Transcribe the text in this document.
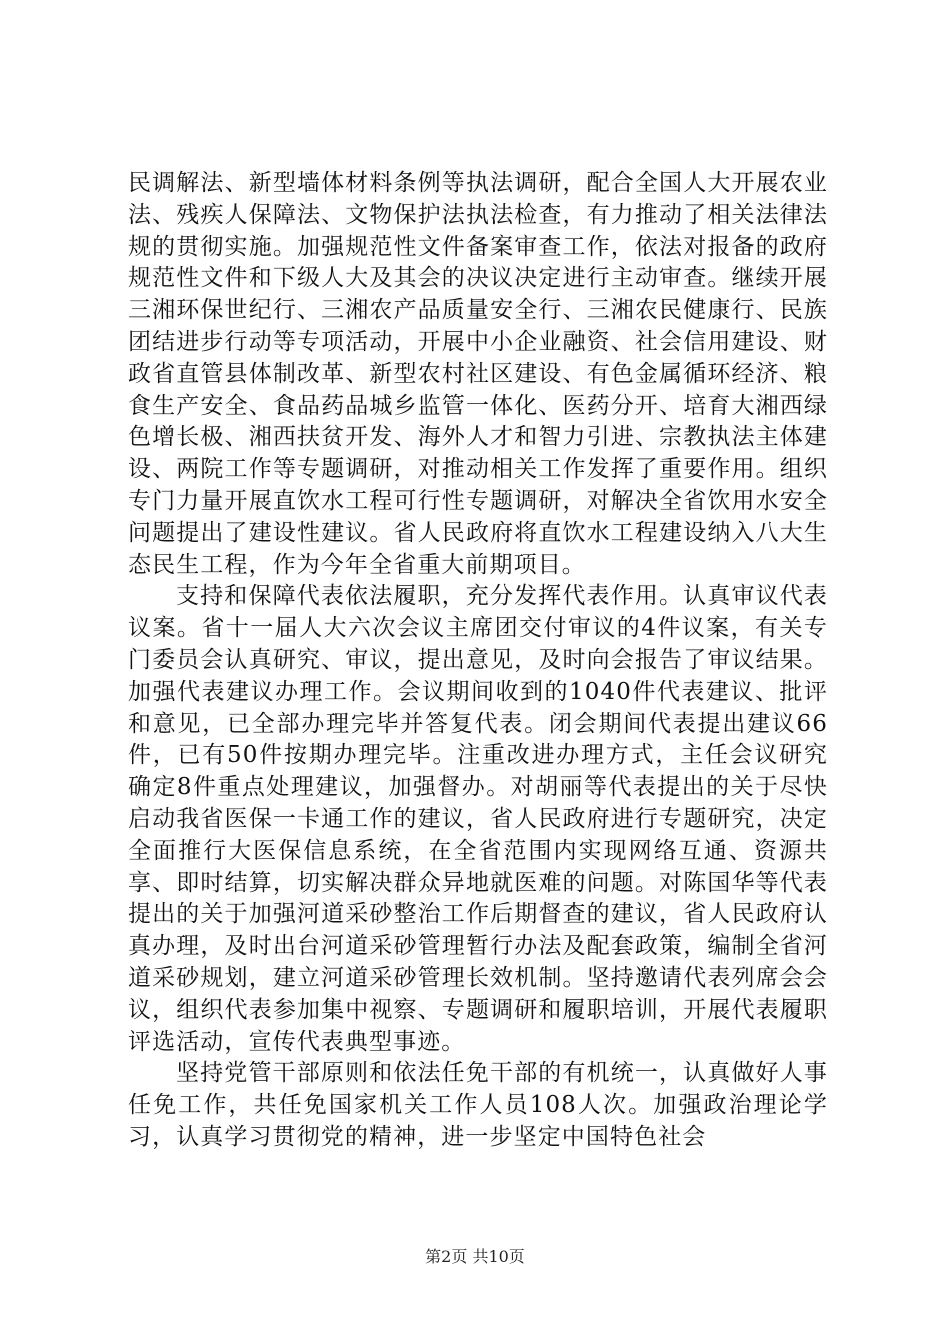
民调解法、新型墙体材料条例等执法调研，配合全国人大开展农业法、残疾人保障法、文物保护法执法检查，有力推动了相关法律法规的贯彻实施。加强规范性文件备案审查工作，依法对报备的政府规范性文件和下级人大及其会的决议决定进行主动审查。继续开展三湘环保世纪行、三湘农产品质量安全行、三湘农民健康行、民族团结进步行动等专项活动，开展中小企业融资、社会信用建设、财政省直管县体制改革、新型农村社区建设、有色金属循环经济、粮食生产安全、食品药品城乡监管一体化、医药分开、培育大湘西绿色增长极、湘西扶贫开发、海外人才和智力引进、宗教执法主体建设、两院工作等专题调研，对推动相关工作发挥了重要作用。组织专门力量开展直饮水工程可行性专题调研，对解决全省饮用水安全问题提出了建设性建议。省人民政府将直饮水工程建设纳入八大生态民生工程，作为今年全省重大前期项目。

支持和保障代表依法履职，充分发挥代表作用。认真审议代表议案。省十一届人大六次会议主席团交付审议的4件议案，有关专门委员会认真研究、审议，提出意见，及时向会报告了审议结果。加强代表建议办理工作。会议期间收到的1040件代表建议、批评和意见，已全部办理完毕并答复代表。闭会期间代表提出建议66件，已有50件按期办理完毕。注重改进办理方式，主任会议研究确定8件重点处理建议，加强督办。对胡丽等代表提出的关于尽快启动我省医保一卡通工作的建议，省人民政府进行专题研究，决定全面推行大医保信息系统，在全省范围内实现网络互通、资源共享、即时结算，切实解决群众异地就医难的问题。对陈国华等代表提出的关于加强河道采砂整治工作后期督查的建议，省人民政府认真办理，及时出台河道采砂管理暂行办法及配套政策，编制全省河道采砂规划，建立河道采砂管理长效机制。坚持邀请代表列席会会议，组织代表参加集中视察、专题调研和履职培训，开展代表履职评选活动，宣传代表典型事迹。

坚持党管干部原则和依法任免干部的有机统一，认真做好人事任免工作，共任免国家机关工作人员108人次。加强政治理论学习，认真学习贯彻党的精神，进一步坚定中国特色社会

第2页 共10页
